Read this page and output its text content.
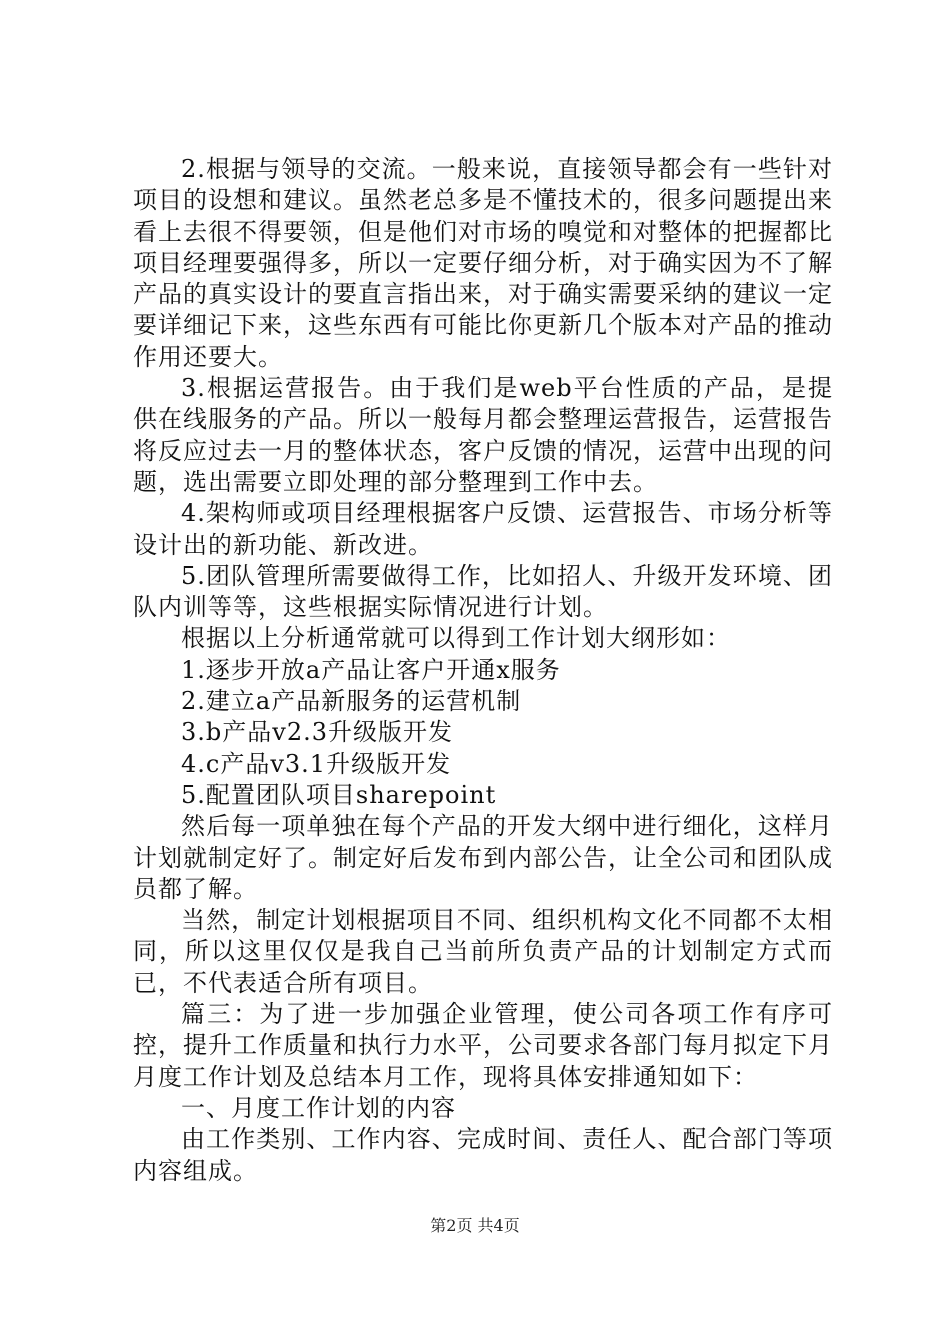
2.根据与领导的交流。一般来说，直接领导都会有一些针对项目的设想和建议。虽然老总多是不懂技术的，很多问题提出来看上去很不得要领，但是他们对市场的嗅觉和对整体的把握都比项目经理要强得多，所以一定要仔细分析，对于确实因为不了解产品的真实设计的要直言指出来，对于确实需要采纳的建议一定要详细记下来，这些东西有可能比你更新几个版本对产品的推动作用还要大。

3.根据运营报告。由于我们是web平台性质的产品，是提供在线服务的产品。所以一般每月都会整理运营报告，运营报告将反应过去一月的整体状态，客户反馈的情况，运营中出现的问题，选出需要立即处理的部分整理到工作中去。

4.架构师或项目经理根据客户反馈、运营报告、市场分析等设计出的新功能、新改进。

5.团队管理所需要做得工作，比如招人、升级开发环境、团队内训等等，这些根据实际情况进行计划。

根据以上分析通常就可以得到工作计划大纲形如：

1.逐步开放a产品让客户开通x服务

2.建立a产品新服务的运营机制

3.b产品v2.3升级版开发

4.c产品v3.1升级版开发

5.配置团队项目sharepoint

然后每一项单独在每个产品的开发大纲中进行细化，这样月计划就制定好了。制定好后发布到内部公告，让全公司和团队成员都了解。

当然，制定计划根据项目不同、组织机构文化不同都不太相同，所以这里仅仅是我自己当前所负责产品的计划制定方式而已，不代表适合所有项目。

篇三：为了进一步加强企业管理，使公司各项工作有序可控，提升工作质量和执行力水平，公司要求各部门每月拟定下月月度工作计划及总结本月工作，现将具体安排通知如下：

一、月度工作计划的内容

由工作类别、工作内容、完成时间、责任人、配合部门等项内容组成。

第2页 共4页
